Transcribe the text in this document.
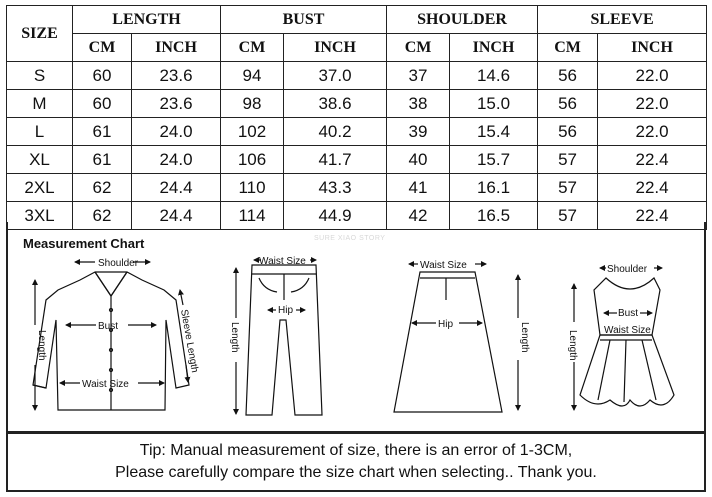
SIZE	LENGTH		BUST		SHOULDER		SLEEVE	
	CM	INCH	CM	INCH	CM	INCH	CM	INCH
S	60	23.6	94	37.0	37	14.6	56	22.0
M	60	23.6	98	38.6	38	15.0	56	22.0
L	61	24.0	102	40.2	39	15.4	56	22.0
XL	61	24.0	106	41.7	40	15.7	57	22.4
2XL	62	24.4	110	43.3	41	16.1	57	22.4
3XL	62	24.4	114	44.9	42	16.5	57	22.4
Measurement Chart	SURE XIAO STORY
Shoulder
Bust
Waist Size
Length	Sleeve Length
Waist Size
Hip
Length
Waist Size
Hip	Length
Shoulder
Bust
Waist Size
Length
Tip: Manual measurement of size, there is an error of 1-3CM,
Please carefully compare the size chart when selecting.. Thank you.
